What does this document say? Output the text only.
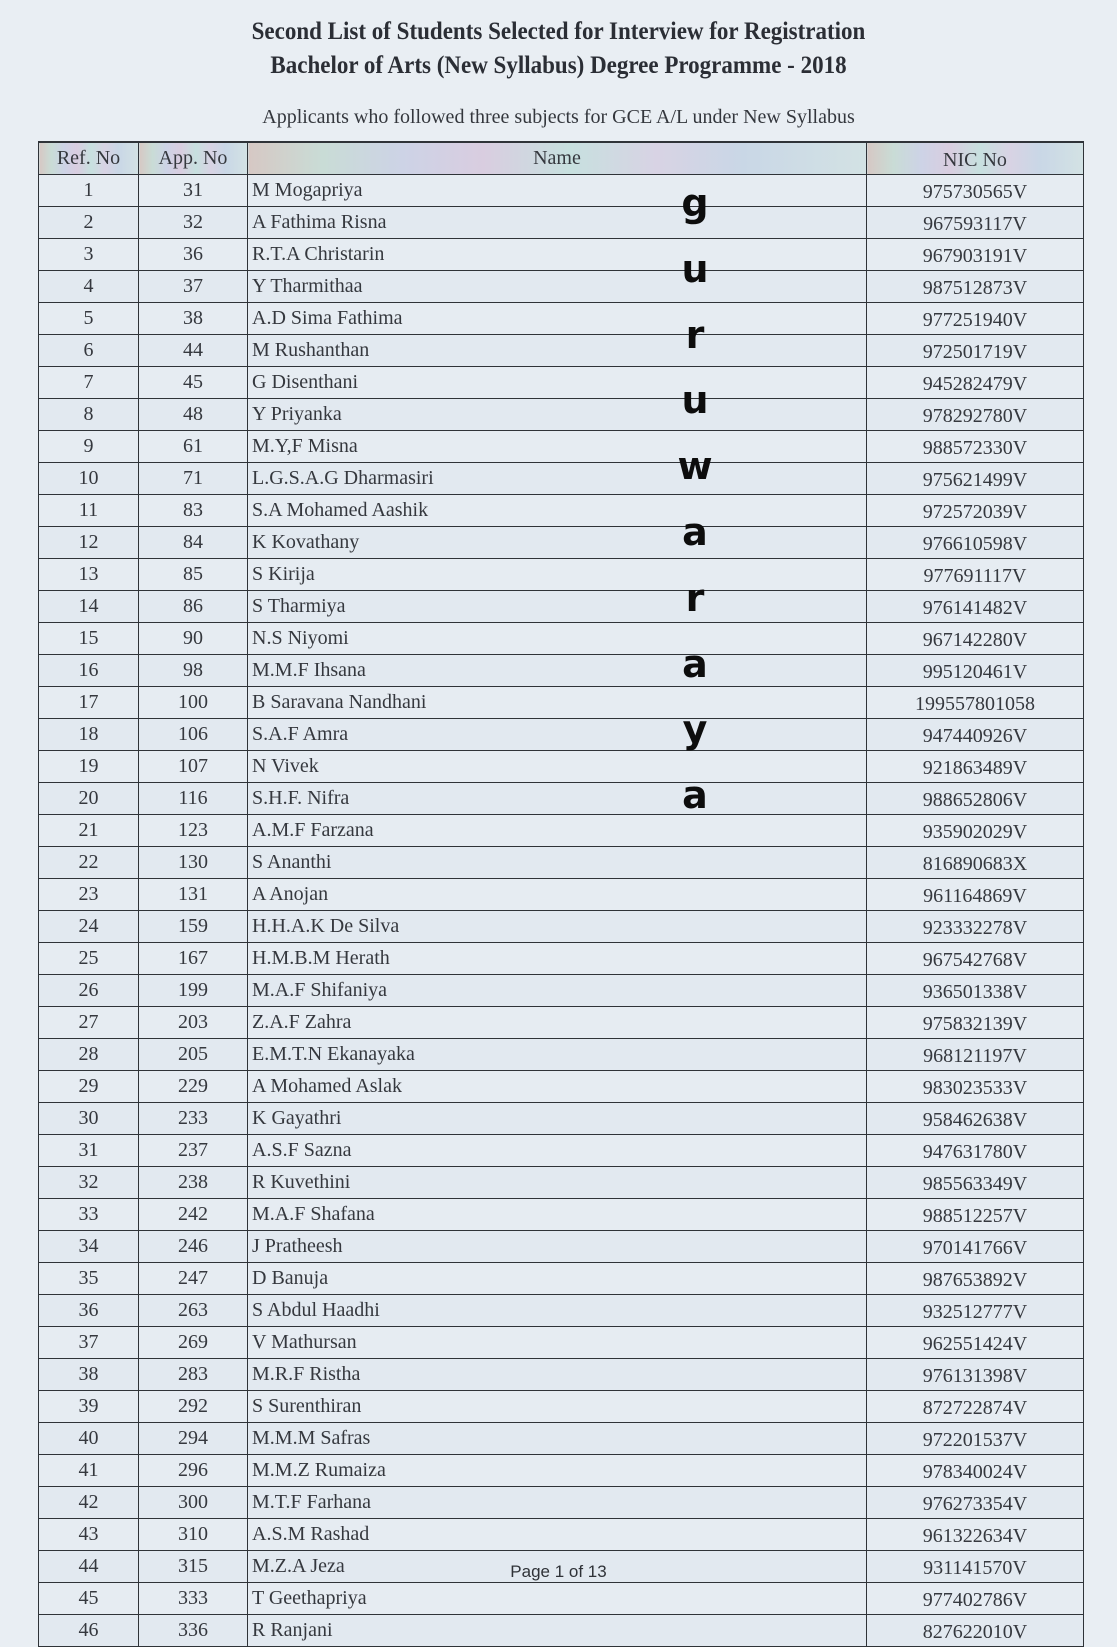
Second List of Students Selected for Interview for Registration
Bachelor of Arts (New Syllabus) Degree Programme - 2018
Applicants who followed three subjects for GCE A/L under New Syllabus
Ref. No	App. No	Name	NIC No
1	31	M Mogapriya	975730565V
2	32	A Fathima Risna	967593117V
3	36	R.T.A Christarin	967903191V
4	37	Y Tharmithaa	987512873V
5	38	A.D Sima Fathima	977251940V
6	44	M Rushanthan	972501719V
7	45	G Disenthani	945282479V
8	48	Y Priyanka	978292780V
9	61	M.Y,F Misna	988572330V
10	71	L.G.S.A.G Dharmasiri	975621499V
11	83	S.A Mohamed Aashik	972572039V
12	84	K Kovathany	976610598V
13	85	S Kirija	977691117V
14	86	S Tharmiya	976141482V
15	90	N.S Niyomi	967142280V
16	98	M.M.F Ihsana	995120461V
17	100	B Saravana Nandhani	199557801058
18	106	S.A.F Amra	947440926V
19	107	N Vivek	921863489V
20	116	S.H.F. Nifra	988652806V
21	123	A.M.F Farzana	935902029V
22	130	S Ananthi	816890683X
23	131	A Anojan	961164869V
24	159	H.H.A.K De Silva	923332278V
25	167	H.M.B.M Herath	967542768V
26	199	M.A.F Shifaniya	936501338V
27	203	Z.A.F Zahra	975832139V
28	205	E.M.T.N Ekanayaka	968121197V
29	229	A Mohamed Aslak	983023533V
30	233	K Gayathri	958462638V
31	237	A.S.F Sazna	947631780V
32	238	R Kuvethini	985563349V
33	242	M.A.F Shafana	988512257V
34	246	J Pratheesh	970141766V
35	247	D Banuja	987653892V
36	263	S Abdul Haadhi	932512777V
37	269	V Mathursan	962551424V
38	283	M.R.F Ristha	976131398V
39	292	S Surenthiran	872722874V
40	294	M.M.M Safras	972201537V
41	296	M.M.Z Rumaiza	978340024V
42	300	M.T.F Farhana	976273354V
43	310	A.S.M Rashad	961322634V
44	315	M.Z.A Jeza	931141570V
45	333	T Geethapriya	977402786V
46	336	R Ranjani	827622010V
g
u
r
u
w
a
r
a
y
a
Page 1 of 13
